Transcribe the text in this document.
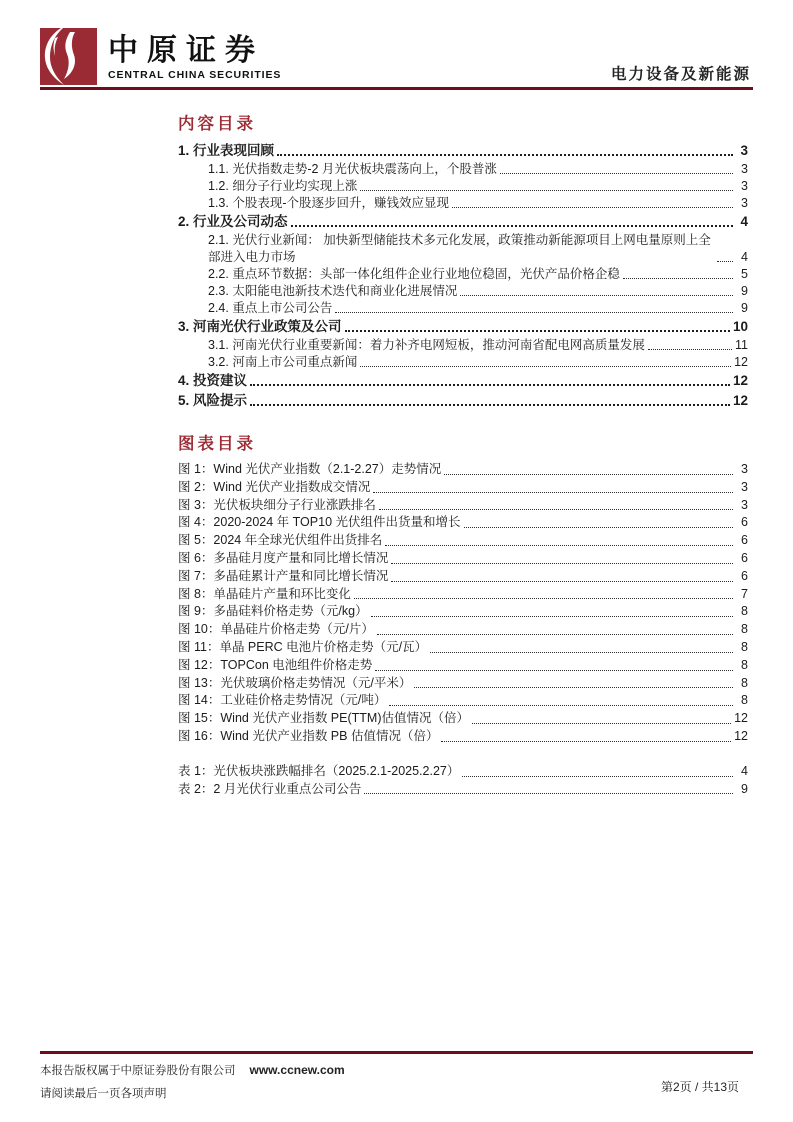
中原证券
CENTRAL CHINA SECURITIES	电力设备及新能源
内容目录
1. 行业表现回顾	3
1.1. 光伏指数走势-2 月光伏板块震荡向上，个股普涨	3
1.2. 细分子行业均实现上涨	3
1.3. 个股表现-个股逐步回升，赚钱效应显现	3
2. 行业及公司动态	4
2.1. 光伏行业新闻： 加快新型储能技术多元化发展，政策推动新能源项目上网电量原则上全部进入电力市场	4
2.2. 重点环节数据：头部一体化组件企业行业地位稳固，光伏产品价格企稳	5
2.3. 太阳能电池新技术迭代和商业化进展情况	9
2.4. 重点上市公司公告	9
3. 河南光伏行业政策及公司	10
3.1. 河南光伏行业重要新闻：着力补齐电网短板，推动河南省配电网高质量发展	11
3.2. 河南上市公司重点新闻	12
4. 投资建议	12
5. 风险提示	12
图表目录
图 1：Wind 光伏产业指数（2.1-2.27）走势情况	3
图 2：Wind 光伏产业指数成交情况	3
图 3：光伏板块细分子行业涨跌排名	3
图 4：2020-2024 年 TOP10 光伏组件出货量和增长	6
图 5：2024 年全球光伏组件出货排名	6
图 6：多晶硅月度产量和同比增长情况	6
图 7：多晶硅累计产量和同比增长情况	6
图 8：单晶硅片产量和环比变化	7
图 9：多晶硅料价格走势（元/kg）	8
图 10：单晶硅片价格走势（元/片）	8
图 11：单晶 PERC 电池片价格走势（元/瓦）	8
图 12：TOPCon 电池组件价格走势	8
图 13：光伏玻璃价格走势情况（元/平米）	8
图 14：工业硅价格走势情况（元/吨）	8
图 15：Wind 光伏产业指数 PE(TTM)估值情况（倍）	12
图 16：Wind 光伏产业指数 PB 估值情况（倍）	12
表 1：光伏板块涨跌幅排名（2025.2.1-2025.2.27）	4
表 2：2 月光伏行业重点公司公告	9
本报告版权属于中原证券股份有限公司 www.ccnew.com
请阅读最后一页各项声明	第2页 / 共13页
